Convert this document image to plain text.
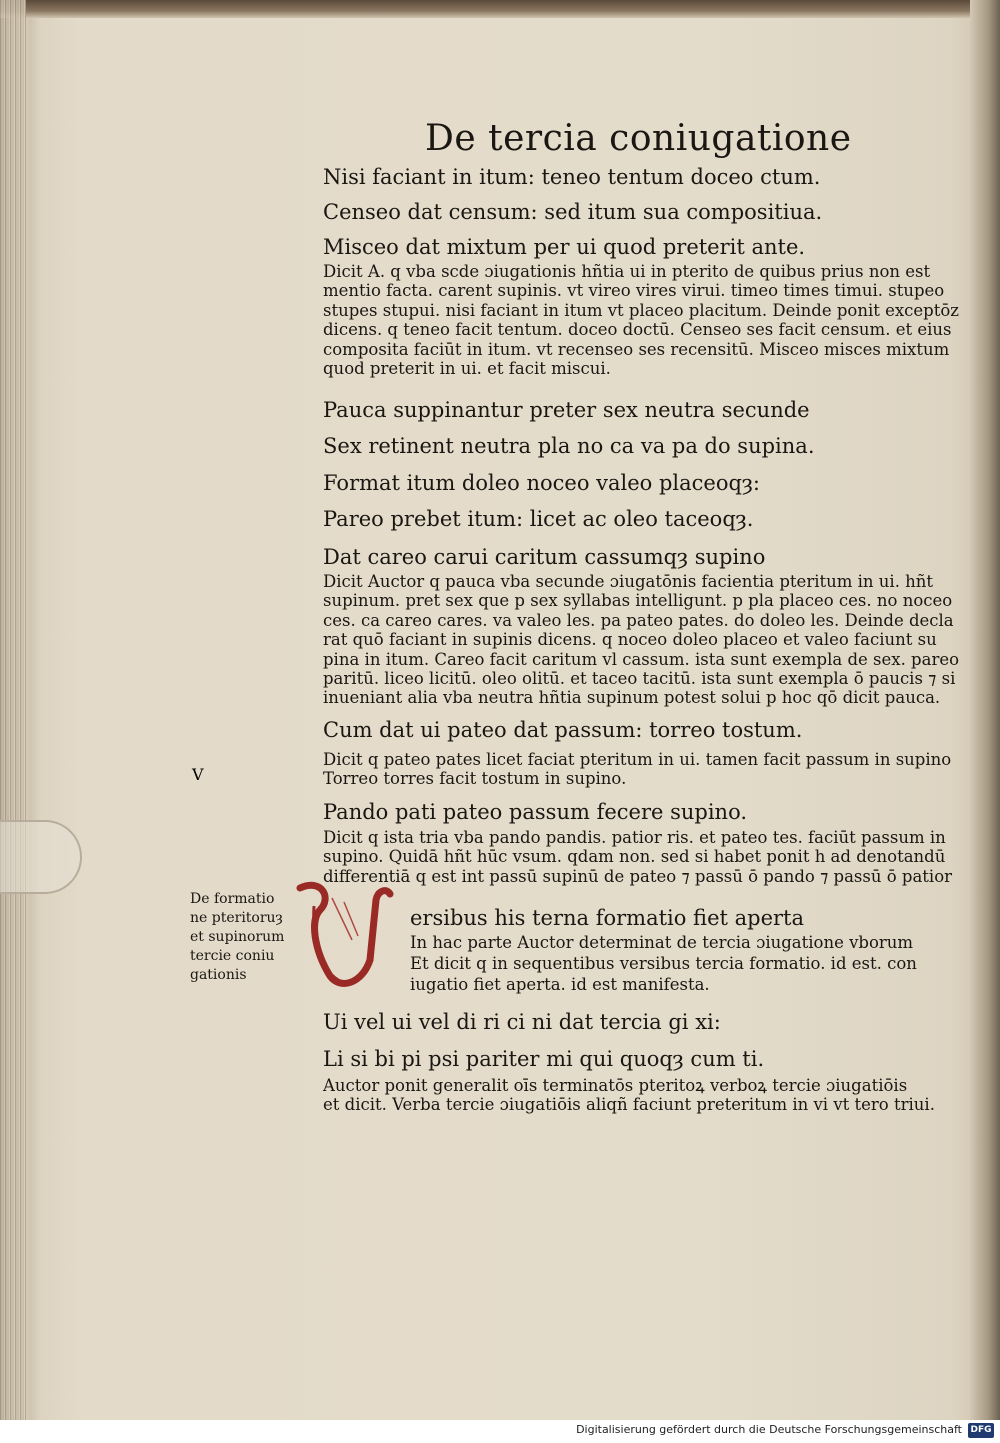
De tercia coniugatione
Nisi faciant in itum: teneo tentum doceo ctum.
Censeo dat censum: sed itum sua compositiua.
Misceo dat mixtum per ui quod preterit ante.
Dicit A. q vba scde ɔiugationis hñtia ui in pterito de quibus prius non est
mentio facta. carent supinis. vt vireo vires virui. timeo times timui. stupeo
stupes stupui. nisi faciant in itum vt placeo placitum. Deinde ponit exceptōz
dicens. q teneo facit tentum. doceo doctū. Censeo ses facit censum. et eius
composita faciūt in itum. vt recenseo ses recensitū. Misceo misces mixtum
quod preterit in ui. et facit miscui.
Pauca suppinantur preter sex neutra secunde
Sex retinent neutra pla no ca va pa do supina.
Format itum doleo noceo valeo placeoqȝ:
Pareo prebet itum: licet ac oleo taceoqȝ.
Dat careo carui caritum cassumqȝ supino
Dicit Auctor q pauca vba secunde ɔiugatōnis facientia pteritum in ui. hñt
supinum. pret sex que p sex syllabas intelligunt. p pla placeo ces. no noceo
ces. ca careo cares. va valeo les. pa pateo pates. do doleo les. Deinde decla
rat quō faciant in supinis dicens. q noceo doleo placeo et valeo faciunt su
pina in itum. Careo facit caritum vl cassum. ista sunt exempla de sex. pareo
paritū. liceo licitū. oleo olitū. et taceo tacitū. ista sunt exempla ō paucis ⁊ si
inueniant alia vba neutra hñtia supinum potest solui p hoc qō dicit pauca.
Cum dat ui pateo dat passum: torreo tostum.
Dicit q pateo pates licet faciat pteritum in ui. tamen facit passum in supino
Torreo torres facit tostum in supino.
Pando pati pateo passum fecere supino.
Dicit q ista tria vba pando pandis. patior ris. et pateo tes. faciūt passum in
supino. Quidā hñt hūc vsum. qdam non. sed si habet ponit h ad denotandū
differentiā q est int passū supinū de pateo ⁊ passū ō pando ⁊ passū ō patior
De formatio ne pteritoruȝ et supinorum tercie coniu gationis
V
ersibus his terna formatio fiet aperta
In hac parte Auctor determinat de tercia ɔiugatione vborum
Et dicit q in sequentibus versibus tercia formatio. id est. con
iugatio fiet aperta. id est manifesta.
Ui vel ui vel di ri ci ni dat tercia gi xi:
Li si bi pi psi pariter mi qui quoqȝ cum ti.
Auctor ponit generalit oīs terminatōs pteritoꝝ verboꝝ tercie ɔiugatiōis
et dicit. Verba tercie ɔiugatiōis aliqñ faciunt preteritum in vi vt tero triui.
Digitalisierung gefördert durch die Deutsche Forschungsgemeinschaft DFG
